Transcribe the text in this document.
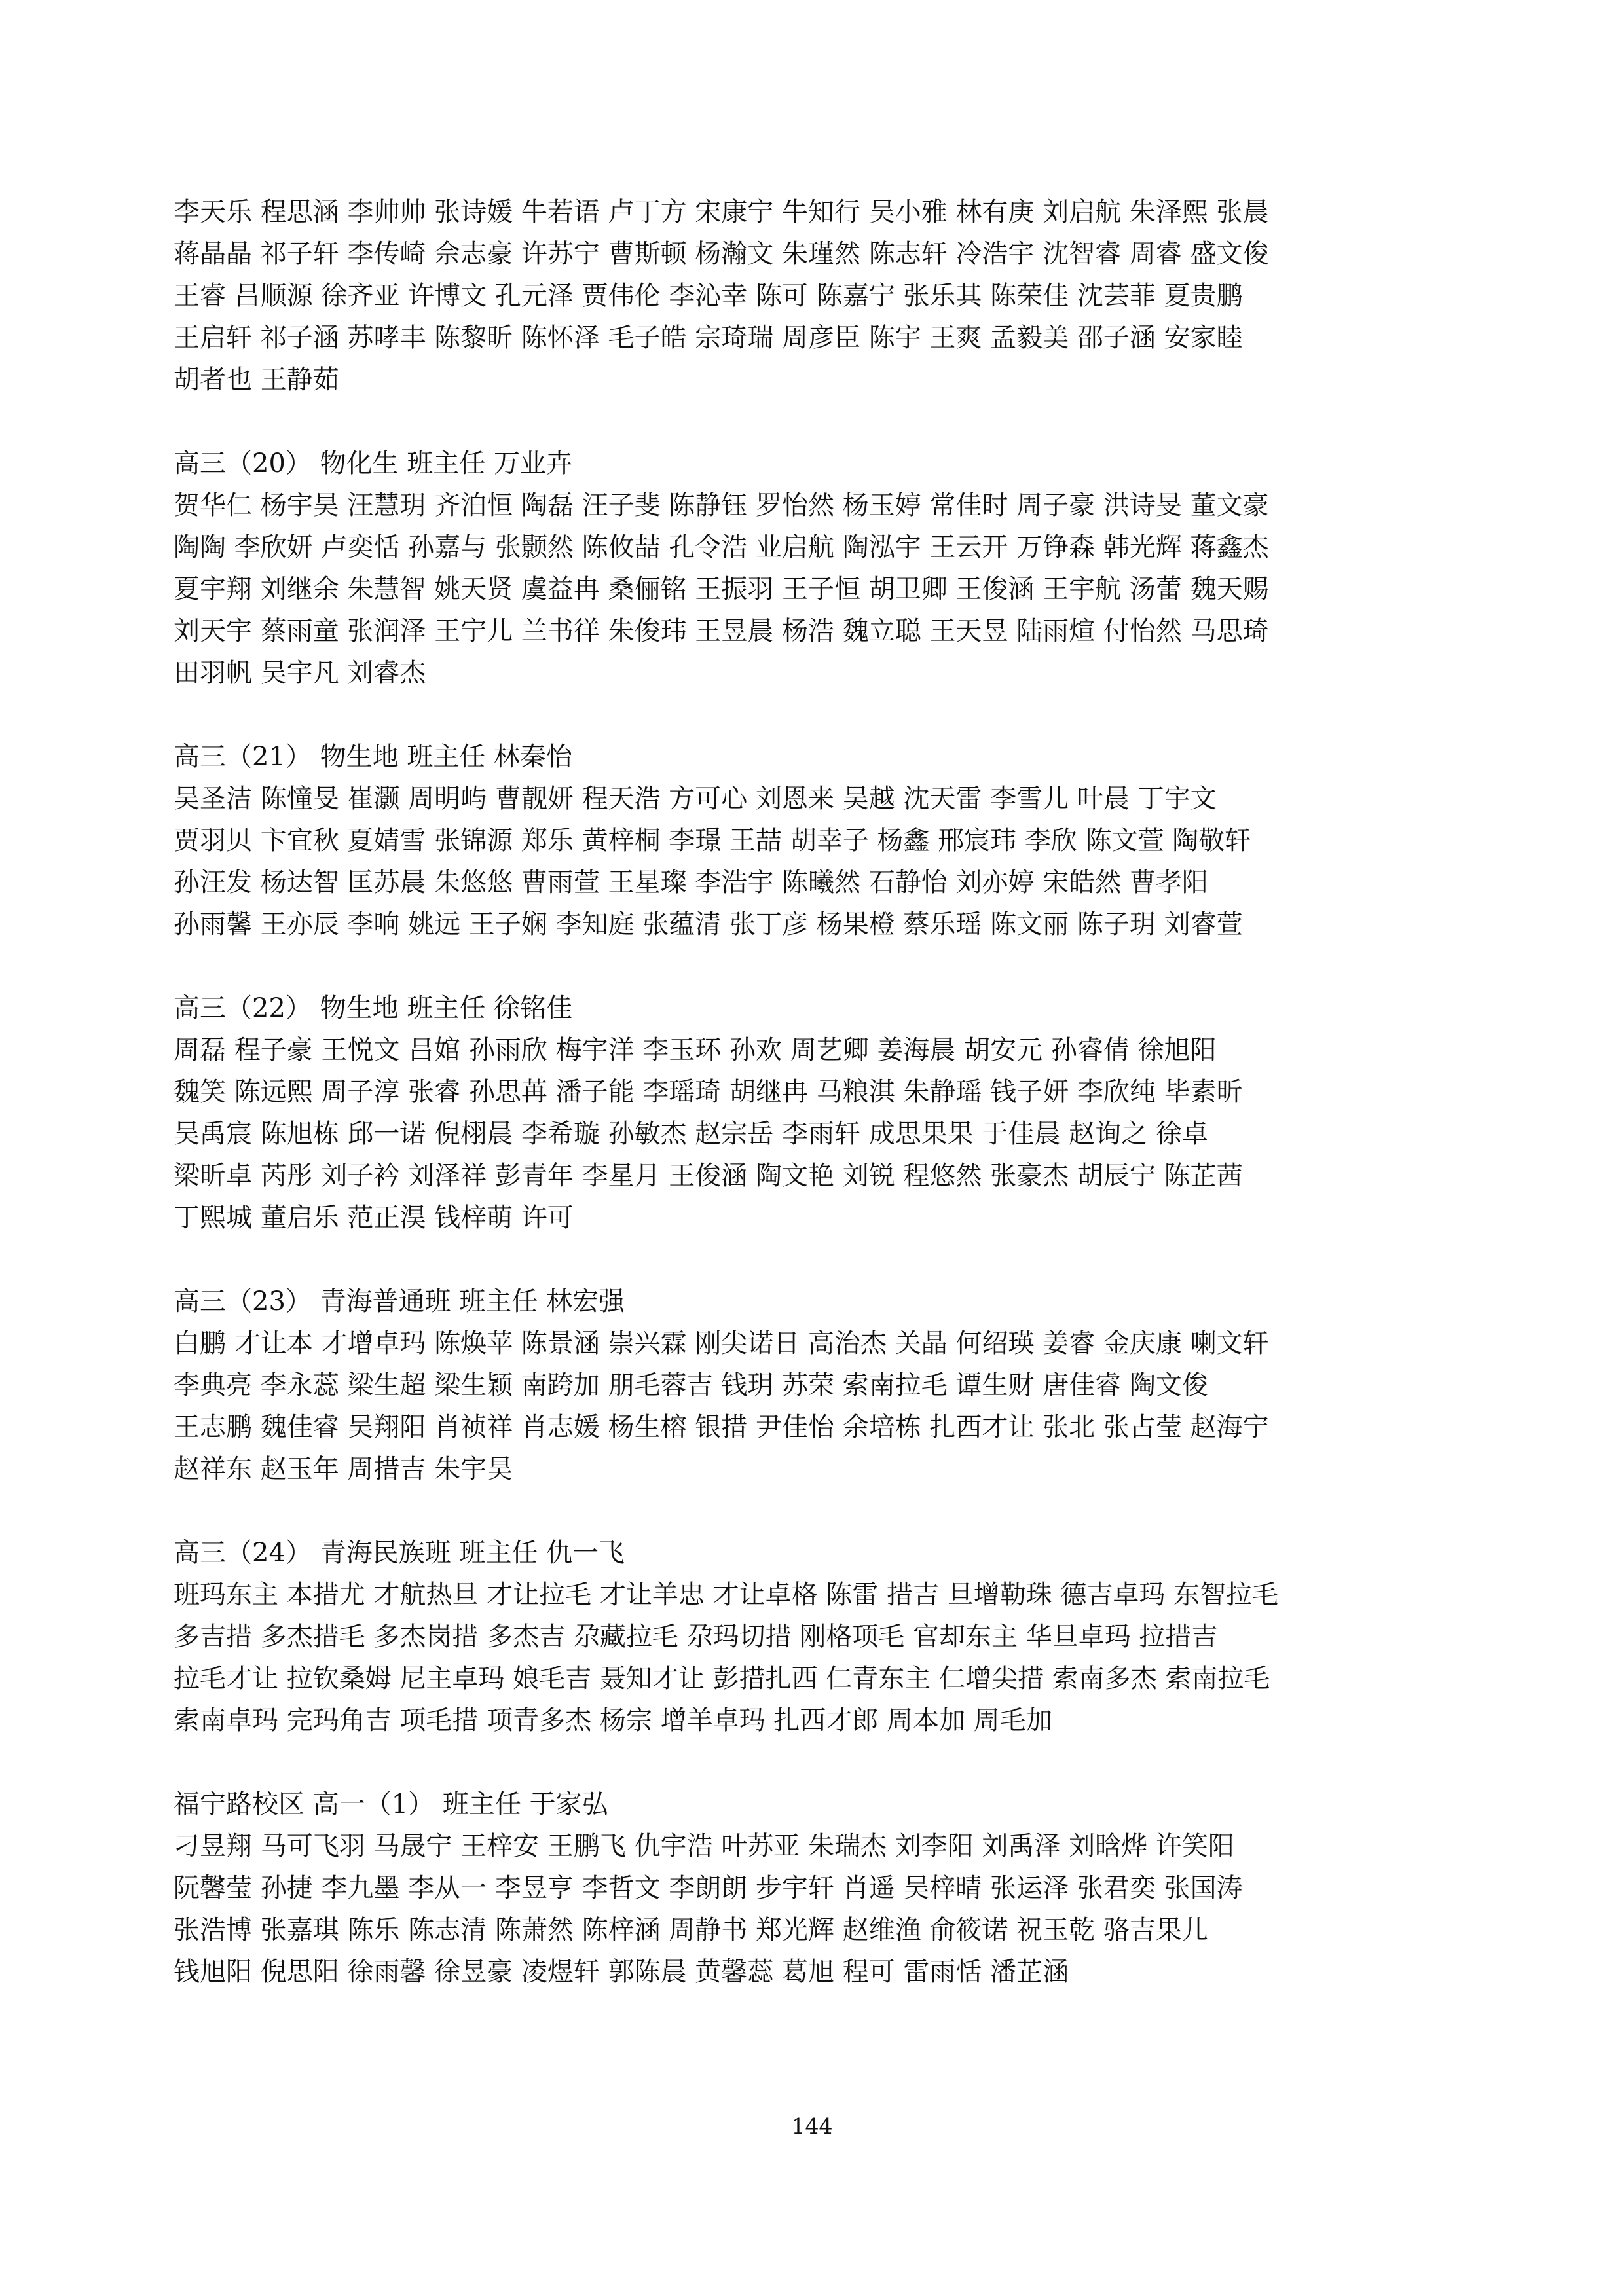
李天乐 程思涵 李帅帅 张诗媛 牛若语 卢丁方 宋康宁 牛知行 吴小雅 林有庚 刘启航 朱泽熙 张晨
蒋晶晶 祁子轩 李传崎 佘志豪 许苏宁 曹斯顿 杨瀚文 朱瑾然 陈志轩 冷浩宇 沈智睿 周睿 盛文俊
王睿 吕顺源 徐齐亚 许博文 孔元泽 贾伟伦 李沁幸 陈可 陈嘉宁 张乐其 陈荣佳 沈芸菲 夏贵鹏
王启轩 祁子涵 苏哮丰 陈黎昕 陈怀泽 毛子皓 宗琦瑞 周彦臣 陈宇 王爽 孟毅美 邵子涵 安家睦
胡者也 王静茹
高三（20） 物化生 班主任 万业卉
贺华仁 杨宇昊 汪慧玥 齐泊恒 陶磊 汪子斐 陈静钰 罗怡然 杨玉婷 常佳时 周子豪 洪诗旻 董文豪
陶陶 李欣妍 卢奕恬 孙嘉与 张颢然 陈攸喆 孔令浩 业启航 陶泓宇 王云开 万铮森 韩光辉 蒋鑫杰
夏宇翔 刘继余 朱慧智 姚天贤 虞益冉 桑俪铭 王振羽 王子恒 胡卫卿 王俊涵 王宇航 汤蕾 魏天赐
刘天宇 蔡雨童 张润泽 王宁儿 兰书徉 朱俊玮 王昱晨 杨浩 魏立聪 王天昱 陆雨煊 付怡然 马思琦
田羽帆 吴宇凡 刘睿杰
高三（21） 物生地 班主任 林秦怡
吴圣洁 陈憧旻 崔灏 周明屿 曹靓妍 程天浩 方可心 刘恩来 吴越 沈天雷 李雪儿 叶晨 丁宇文
贾羽贝 卞宜秋 夏婧雪 张锦源 郑乐 黄梓桐 李璟 王喆 胡幸子 杨鑫 邢宸玮 李欣 陈文萱 陶敬轩
孙汪发 杨达智 匡苏晨 朱悠悠 曹雨萱 王星璨 李浩宇 陈曦然 石静怡 刘亦婷 宋皓然 曹孝阳
孙雨馨 王亦辰 李响 姚远 王子娴 李知庭 张蕴清 张丁彦 杨果橙 蔡乐瑶 陈文丽 陈子玥 刘睿萱
高三（22） 物生地 班主任 徐铭佳
周磊 程子豪 王悦文 吕婠 孙雨欣 梅宇洋 李玉环 孙欢 周艺卿 姜海晨 胡安元 孙睿倩 徐旭阳
魏笑 陈远熙 周子淳 张睿 孙思苒 潘子能 李瑶琦 胡继冉 马粮淇 朱静瑶 钱子妍 李欣纯 毕素昕
吴禹宸 陈旭栋 邱一诺 倪栩晨 李希璇 孙敏杰 赵宗岳 李雨轩 成思果果 于佳晨 赵询之 徐卓
梁昕卓 芮彤 刘子衿 刘泽祥 彭青年 李星月 王俊涵 陶文艳 刘锐 程悠然 张豪杰 胡辰宁 陈芷茜
丁熙城 董启乐 范正淏 钱梓萌 许可
高三（23） 青海普通班 班主任 林宏强
白鹏 才让本 才增卓玛 陈焕苹 陈景涵 崇兴霖 刚尖诺日 高治杰 关晶 何绍瑛 姜睿 金庆康 喇文轩
李典亮 李永蕊 梁生超 梁生颖 南跨加 朋毛蓉吉 钱玥 苏荣 索南拉毛 谭生财 唐佳睿 陶文俊
王志鹏 魏佳睿 吴翔阳 肖祯祥 肖志媛 杨生榕 银措 尹佳怡 余培栋 扎西才让 张北 张占莹 赵海宁
赵祥东 赵玉年 周措吉 朱宇昊
高三（24） 青海民族班 班主任 仇一飞
班玛东主 本措尤 才航热旦 才让拉毛 才让羊忠 才让卓格 陈雷 措吉 旦增勒珠 德吉卓玛 东智拉毛
多吉措 多杰措毛 多杰岗措 多杰吉 尕藏拉毛 尕玛切措 刚格项毛 官却东主 华旦卓玛 拉措吉
拉毛才让 拉钦桑姆 尼主卓玛 娘毛吉 聂知才让 彭措扎西 仁青东主 仁增尖措 索南多杰 索南拉毛
索南卓玛 完玛角吉 项毛措 项青多杰 杨宗 增羊卓玛 扎西才郎 周本加 周毛加
福宁路校区 高一（1） 班主任 于家弘
刁昱翔 马可飞羽 马晟宁 王梓安 王鹏飞 仇宇浩 叶苏亚 朱瑞杰 刘李阳 刘禹泽 刘晗烨 许笑阳
阮馨莹 孙捷 李九墨 李从一 李昱亨 李哲文 李朗朗 步宇轩 肖遥 吴梓晴 张运泽 张君奕 张国涛
张浩博 张嘉琪 陈乐 陈志清 陈萧然 陈梓涵 周静书 郑光辉 赵维渔 俞筱诺 祝玉乾 骆吉果儿
钱旭阳 倪思阳 徐雨馨 徐昱豪 凌煜轩 郭陈晨 黄馨蕊 葛旭 程可 雷雨恬 潘芷涵
144
